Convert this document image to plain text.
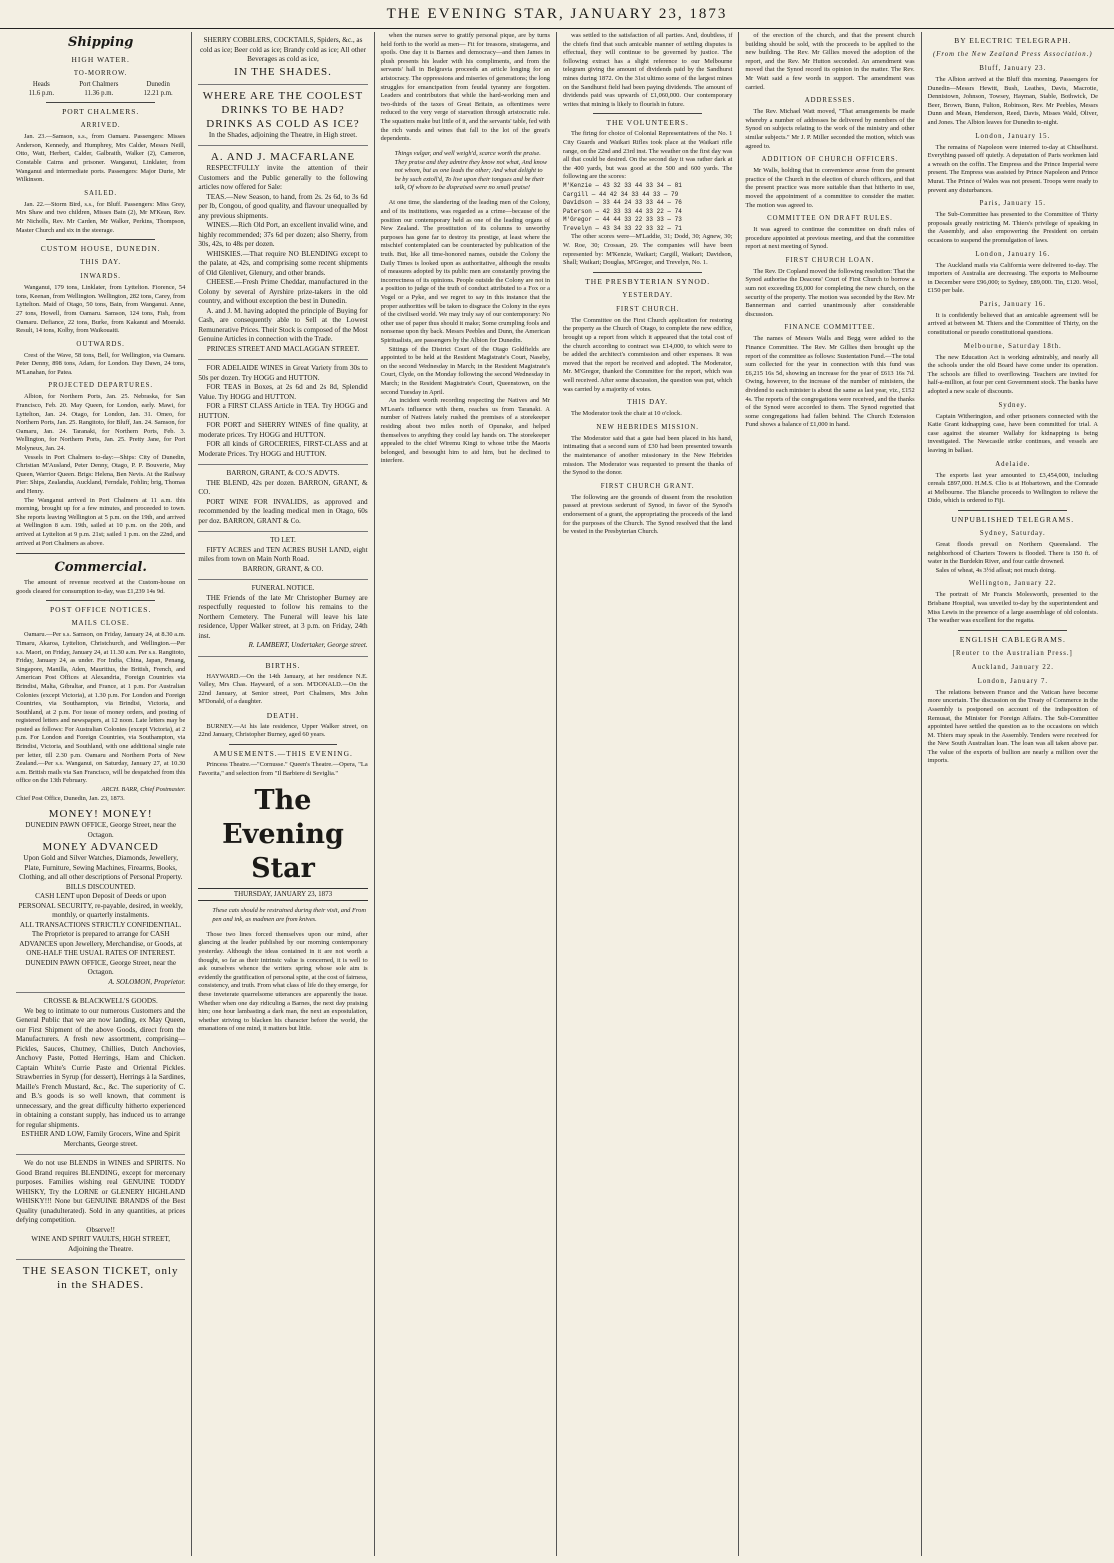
THE EVENING STAR, JANUARY 23, 1873
Shipping
HIGH WATER.
TO-MORROW.
Heads
11.6 p.m.
Port Chalmers
11.36 p.m.
Dunedin
12.21 p.m.
PORT CHALMERS.
ARRIVED.

Jan. 23.—Samson, s.s., from Oamaru. Passengers: Misses Anderson, Kennedy, and Humphrey, Mrs Calder, Messrs Neill, Otto, Watt, Herbert, Calder, Galbraith, Walker (2), Cameron, Constable Cairns and prisoner. Wanganui, Linklater, from Wanganui and intermediate ports. Passengers: Major Durie, Mr Wilkinson.

SAILED.

Jan. 22.—Storm Bird, s.s., for Bluff. Passengers: Miss Grey, Mrs Shaw and two children, Misses Bain (2), Mr M'Kean, Rev. Mr Nicholls, Rev. Mr Carden, Mr Walker, Perkins, Thompson, Master Church and six in the steerage.

CUSTOM HOUSE, DUNEDIN.
THIS DAY.
INWARDS.

Wanganui, 179 tons, Linklater, from Lyttelton. Fiorence, 54 tons, Keenan, from Wellington. Wellington, 282 tons, Carey, from Lyttelton. Maid of Otago, 50 tons, Bain, from Wanganui. Anne, 27 tons, Howell, from Oamaru. Samson, 124 tons, Fish, from Oamaru. Defiance, 22 tons, Burke, from Kakanui and Moeraki. Result, 14 tons, Kolby, from Waikouaiti.

OUTWARDS.

Crest of the Wave, 58 tons, Bell, for Wellington, via Oamaru. Peter Denny, 898 tons, Adam, for London. Day Dawn, 24 tons, M'Lanahan, for Patea.

PROJECTED DEPARTURES.

Albion, for Northern Ports, Jan. 25. Nebraska, for San Francisco, Feb. 20. May Queen, for London, early. Mawi, for Lyttelton, Jan. 24. Otago, for London, Jan. 31. Omeo, for Northern Ports, Jan. 25. Rangitoto, for Bluff, Jan. 24. Samson, for Oamaru, Jan. 24. Taranaki, for Northern Ports, Feb. 3. Wellington, for Northern Ports, Jan. 25. Pretty Jane, for Port Molyneux, Jan. 24.

Vessels in Port Chalmers to-day:—Ships: City of Dunedin, Christian M'Ausland, Peter Denny, Otago, P. P. Bouverie, May Queen, Warrior Queen. Brigs: Helena, Ben Nevis. At the Railway Pier: Ships, Zealandia, Auckland, Ferndale, Fohlin; brig, Thomas and Henry.

The Wanganui arrived in Port Chalmers at 11 a.m. this morning, brought up for a few minutes, and proceeded to town. She reports leaving Wellington at 5 p.m. on the 19th, and arrived at Wellington 8 a.m. 19th, sailed at 10 p.m. on the 20th, and arrived at Lyttelton at 9 p.m. 21st; sailed 1 p.m. on the 22nd, and arrived at Port Chalmers as above.

Commercial.

The amount of revenue received at the Custom-house on goods cleared for consumption to-day, was £1,239 14s 9d.

POST OFFICE NOTICES.
MAILS CLOSE.

Oamaru.—Per s.s. Samson, on Friday, January 24, at 8.30 a.m. Timaru, Akaroa, Lyttelton, Christchurch, and Wellington.—Per s.s. Maori, on Friday, January 24, at 11.30 a.m. Per s.s. Rangitoto, Friday, January 24, as under. For India, China, Japan, Penang, Singapore, Manilla, Aden, Mauritius, the British, French, and American Post Offices at Alexandria, Foreign Countries via Brindisi, Malta, Gibraltar, and France, at 1 p.m. For Australian Colonies (except Victoria), at 1.30 p.m. For London and Foreign Countries, via Southampton, via Brindisi, Victoria, and Southland, at 2 p.m. For issue of money orders, and posting of registered letters and newspapers, at 12 noon. Late letters may be posted as follows: For Australian Colonies (except Victoria), at 2 p.m. For London and Foreign Countries, via Southampton, via Brindisi, Victoria, and Southland, with one additional single rate per letter, till 2.30 p.m. Oamaru and Northern Ports of New Zealand.—Per s.s. Wanganui, on Saturday, January 27, at 10.30 a.m. British mails via San Francisco, will be despatched from this office on the 13th February.

ARCH. BARR, Chief Postmaster.
Chief Post Office, Dunedin, Jan. 23, 1873.
MONEY! MONEY!
DUNEDIN PAWN OFFICE, George Street, near the Octagon.
MONEY ADVANCED
Upon Gold and Silver Watches, Diamonds, Jewellery, Plate, Furniture, Sewing Machines, Firearms, Books, Clothing, and all other descriptions of Personal Property.
BILLS DISCOUNTED.
CASH LENT upon Deposit of Deeds or upon PERSONAL SECURITY, re-payable, desired, in weekly, monthly, or quarterly instalments.
ALL TRANSACTIONS STRICTLY CONFIDENTIAL.
The Proprietor is prepared to arrange for CASH ADVANCES upon Jewellery, Merchandise, or Goods, at ONE-HALF THE USUAL RATES OF INTEREST.
DUNEDIN PAWN OFFICE, George Street, near the Octagon.
A. SOLOMON, Proprietor.
CROSSE & BLACKWELL'S GOODS.

We beg to intimate to our numerous Customers and the General Public that we are now landing, ex May Queen, our First Shipment of the above Goods, direct from the Manufacturers. A fresh new assortment, comprising—Pickles, Sauces, Chutney, Chillies, Dutch Anchovies, Anchovy Paste, Potted Herrings, Ham and Chicken. Captain White's Currie Paste and Oriental Pickles. Strawberries in Syrup (for dessert), Herrings à la Sardines, Maille's French Mustard, &c., &c. The superiority of C. and B.'s goods is so well known, that comment is unnecessary, and the great difficulty hitherto experienced in obtaining a constant supply, has induced us to arrange for regular shipments.

ESTHER AND LOW, Family Grocers, Wine and Spirit Merchants, George street.

We do not use BLENDS in WINES and SPIRITS. No Good Brand requires BLENDING, except for mercenary purposes. Families wishing real GENUINE TODDY WHISKY, Try the LORNE or GLENERY HIGHLAND WHISKY!!! None but GENUINE BRANDS of the Best Quality (unadulterated). Sold in any quantities, at prices defying competition.

Observe!!
WINE AND SPIRIT VAULTS, HIGH STREET,
Adjoining the Theatre.
THE SEASON TICKET, only in the SHADES.
SHERRY COBBLERS, COCKTAILS, Spiders, &c., as cold as ice; Beer cold as ice; Brandy cold as ice; All other Beverages as cold as ice,
IN THE SHADES.
WHERE ARE THE COOLEST DRINKS TO BE HAD?
DRINKS AS COLD AS ICE?
In the Shades, adjoining the Theatre, in High street.
A. AND J. MACFARLANE

RESPECTFULLY invite the attention of their Customers and the Public generally to the following articles now offered for Sale:

TEAS.—New Season, to hand, from 2s. 2s 6d, to 3s 6d per lb, Congou, of good quality, and flavour unequalled by any previous shipments.

WINES.—Rich Old Port, an excellent invalid wine, and highly recommended; 37s 6d per dozen; also Sherry, from 30s, 42s, to 48s per dozen.

WHISKIES.—That require NO BLENDING except to the palate, at 42s, and comprising some recent shipments of Old Glenlivet, Glenury, and other brands.

CHEESE.—Fresh Prime Cheddar, manufactured in the Colony by several of Ayrshire prize-takers in the old country, and without exception the best in Dunedin.

A. and J. M. having adopted the principle of Buying for Cash, are consequently able to Sell at the Lowest Remunerative Prices. Their Stock is composed of the Most Genuine Articles in connection with the Trade.

PRINCES STREET AND MACLAGGAN STREET.

FOR ADELAIDE WINES in Great Variety from 30s to 50s per dozen. Try HOGG and HUTTON.

FOR TEAS in Boxes, at 2s 6d and 2s 8d, Splendid Value. Try HOGG and HUTTON.

FOR a FIRST CLASS Article in TEA. Try HOGG and HUTTON.

FOR PORT and SHERRY WINES of fine quality, at moderate prices. Try HOGG and HUTTON.

FOR all kinds of GROCERIES, FIRST-CLASS and at Moderate Prices. Try HOGG and HUTTON.

BARRON, GRANT, & CO.'S ADVTS.

THE BLEND, 42s per dozen. BARRON, GRANT, & CO.

PORT WINE FOR INVALIDS, as approved and recommended by the leading medical men in Otago, 60s per doz. BARRON, GRANT & Co.

TO LET.

FIFTY ACRES and TEN ACRES BUSH LAND, eight miles from town on Main North Road.

BARRON, GRANT, & CO.
FUNERAL NOTICE.

THE Friends of the late Mr Christopher Burney are respectfully requested to follow his remains to the Northern Cemetery. The Funeral will leave his late residence, Upper Walker street, at 3 p.m. on Friday, 24th inst.

R. LAMBERT, Undertaker, George street.
BIRTHS.

HAYWARD.—On the 14th January, at her residence N.E. Valley, Mrs Chas. Hayward, of a son. M'DONALD.—On the 22nd January, at Senior street, Port Chalmers, Mrs John M'Donald, of a daughter.

DEATH.

BURNEY.—At his late residence, Upper Walker street, on 22nd January, Christopher Burney, aged 60 years.

AMUSEMENTS.—THIS EVENING.

Princess Theatre.—"Cornusse." Queen's Theatre.—Opera, "La Favorita," and selection from "Il Barbiere di Seviglia."

The Evening Star
THURSDAY, JANUARY 23, 1873

These cats should be restrained during their visit, and From pen and ink, as madmen are from knives.

Those two lines forced themselves upon our mind, after glancing at the leader published by our morning contemporary yesterday. Although the ideas contained in it are not worth a thought, so far as their intrinsic value is concerned, it is well to ask ourselves whence the writers spring whose sole aim is evidently the gratification of personal spite, at the cost of fairness, consistency, and truth. From what class of life do they emerge, for these inveterate quarrelsome utterances are apparently the issue. Whether when one day ridiculing a Barnes, the next day praising him; one hour lambasting a dark man, the next an expostulation, whether striving to blacken his character before the world, the emanations of one mind, it matters but little.

when the nurses serve to gratify personal pique, are by turns held forth to the world as men— Fit for treasons, stratagems, and spoils. One day it is Barnes and democracy—and then James in plush presents his leader with his compliments, and from the servants' hall in Belgravia proceeds an article longing for an aristocracy. The oppressions and miseries of generations; the long struggles for emancipation from feudal tyranny are forgotten. Leaders and contributors that while the hard-working men and two-thirds of the taxes of Great Britain, as oftentimes were reduced to the very verge of starvation through aristocratic rule. The squatters make but little of it, and the servants' table, fed with the rich vands and wines that fall to the lot of the great's dependents.

Things vulgar, and well weigh'd, scarce worth the praise. They praise and they admire they know not what, And know not whom, but as one leads the other; And what delight to be by such extoll'd, To live upon their tongues and be their talk, Of whom to be dispraised were no small praise!

At one time, the slandering of the leading men of the Colony, and of its institutions, was regarded as a crime—because of the position our contemporary held as one of the leading organs of New Zealand. The prostitution of its columns to unworthy purposes has gone far to destroy its prestige, at least where the mischief contemplated can be counteracted by publication of the truth. But, like all time-honored names, outside the Colony the Daily Times is looked upon as authoritative, although the results of measures adopted by its public men are constantly proving the incorrectness of its opinions. People outside the Colony are not in a position to judge of the truth of conduct attributed to a Fox or a Vogel or a Pyke, and we regret to say in this instance that the proper authorities will be taken to disgrace the Colony in the eyes of the civilised world. We may truly say of our contemporary: No other use of paper thus should it make; Some crumpling fools and nonsense upon thy back. Messrs Peebles and Dunn, the American Spiritualists, are passengers by the Albion for Dunedin.

Sittings of the District Court of the Otago Goldfields are appointed to be held at the Resident Magistrate's Court, Naseby, on the second Wednesday in March; in the Resident Magistrate's Court, Clyde, on the Monday following the second Wednesday in March; in the Resident Magistrate's Court, Queenstown, on the second Tuesday in April.

An incident worth recording respecting the Natives and Mr M'Lean's influence with them, reaches us from Taranaki. A number of Natives lately rushed the premises of a storekeeper residing about two miles north of Opunake, and helped themselves to anything they could lay hands on. The storekeeper appealed to the chief Wiremu Kingi to whose tribe the Maoris belonged, and besought him to aid him, but he declined to interfere.

was settled to the satisfaction of all parties. And, doubtless, if the chiefs find that such amicable manner of settling disputes is effectual, they will continue to be governed by justice. The following extract has a slight reference to our Melbourne telegram giving the amount of dividends paid by the Sandhurst mines during 1872. On the 31st ultimo some of the largest mines on the Sandhurst field had been paying dividends. The amount of dividends paid was upwards of £1,060,000. Our contemporary writes that mining is likely to flourish in future.

THE VOLUNTEERS.

The firing for choice of Colonial Representatives of the No. 1 City Guards and Waikari Rifles took place at the Waikari rifle range, on the 22nd and 23rd inst. The weather on the first day was all that could be desired. On the second day it was rather dark at the 400 yards, but was good at the 500 and 600 yards. The following are the scores:

M'Kenzie — 43 32 33 44 33 34 — 81
Cargill — 44 42 34 33 44 33 — 79
Davidson — 33 44 24 33 33 44 — 76
Paterson — 42 33 33 44 33 22 — 74
M'Gregor — 44 44 33 22 33 33 — 73
Trevelyn — 43 34 33 22 33 32 — 71

The other scores were—M'Laddie, 31; Dodd, 30; Agnew, 30; W. Roe, 30; Crossan, 29. The companies will have been represented by: M'Kenzie, Waikari; Cargill, Waikari; Davidson, Shall; Waikari; Douglas, M'Gregor, and Trevelyn, No. 1.

THE PRESBYTERIAN SYNOD.
YESTERDAY.
FIRST CHURCH.

The Committee on the First Church application for restoring the property as the Church of Otago, to complete the new edifice, brought up a report from which it appeared that the total cost of the church according to contract was £14,000, to which were to be added the architect's commission and other expenses. It was moved that the report be received and adopted. The Moderator, Mr. M'Gregor, thanked the Committee for the report, which was well received. After some discussion, the question was put, which was carried by a majority of votes.

THIS DAY.

The Moderator took the chair at 10 o'clock.

NEW HEBRIDES MISSION.

The Moderator said that a gate had been placed in his hand, intimating that a second sum of £30 had been presented towards the maintenance of another missionary in the New Hebrides mission. The Moderator was requested to present the thanks of the Synod to the donor.

FIRST CHURCH GRANT.

The following are the grounds of dissent from the resolution passed at previous sederunt of Synod, in favor of the Synod's endorsement of a grant, the appropriating the proceeds of the land for the purposes of the Church. The Synod resolved that the land be vested in the Presbyterian Church.

of the erection of the church, and that the present church building should be sold, with the proceeds to be applied to the new building. The Rev. Mr Gillies moved the adoption of the report, and the Rev. Mr Hutton seconded. An amendment was moved that the Synod record its opinion in the matter. The Rev. Mr Watt said a few words in support. The amendment was carried.

ADDRESSES.

The Rev. Michael Watt moved, "That arrangements be made whereby a number of addresses be delivered by members of the Synod on subjects relating to the work of the ministry and other similar subjects." Mr J. P. Miller seconded the motion, which was agreed to.

ADDITION OF CHURCH OFFICERS.

Mr Walls, holding that in convenience arose from the present practice of the Church in the election of church officers, and that the present practice was more suitable than that hitherto in use, moved the appointment of a committee to consider the matter. The motion was agreed to.

COMMITTEE ON DRAFT RULES.

It was agreed to continue the committee on draft rules of procedure appointed at previous meeting, and that the committee report at next meeting of Synod.

FIRST CHURCH LOAN.

The Rev. Dr Copland moved the following resolution: That the Synod authorise the Deacons' Court of First Church to borrow a sum not exceeding £6,000 for completing the new church, on the security of the property. The motion was seconded by the Rev. Mr Bannerman and carried unanimously after considerable discussion.

FINANCE COMMITTEE.

The names of Messrs Walls and Begg were added to the Finance Committee. The Rev. Mr Gillies then brought up the report of the committee as follows: Sustentation Fund.—The total sum collected for the year in connection with this fund was £6,215 16s 5d, showing an increase for the year of £613 16s 7d. Owing, however, to the increase of the number of ministers, the dividend to each minister is about the same as last year, viz., £152 4s. The reports of the congregations were received, and the thanks of the Synod were accorded to them. The Synod regretted that some congregations had fallen behind. The Church Extension Fund shows a balance of £1,000 in hand.

BY ELECTRIC TELEGRAPH.
(From the New Zealand Press Association.)
Bluff, January 23.

The Albion arrived at the Bluff this morning. Passengers for Dunedin—Messrs Hewitt, Bush, Leathes, Davis, Macrotie, Dennistown, Johnson, Towsey, Hayman, Stable, Bothwick, De Beer, Brown, Bunn, Fulton, Robinson, Rev. Mr Peebles, Messrs Dunn and Mean, Henderson, Reed, Davis, Misses Wald, Oliver, and Jones. The Albion leaves for Dunedin to-night.

London, January 15.

The remains of Napoleon were interred to-day at Chiselhurst. Everything passed off quietly. A deputation of Paris workmen laid a wreath on the coffin. The Empress and the Prince Imperial were present. The Empress was assisted by Prince Napoleon and Prince Murat. The Prince of Wales was not present. Troops were ready to prevent any disturbances.

Paris, January 15.

The Sub-Committee has presented to the Committee of Thirty proposals greatly restricting M. Thiers's privilege of speaking in the Assembly, and also empowering the President on certain occasions to suspend the promulgation of laws.

London, January 16.

The Auckland mails via California were delivered to-day. The importers of Australia are decreasing. The exports to Melbourne in December were £96,000; to Sydney, £89,000. Tin, £120. Wool, £150 per bale.

Paris, January 16.

It is confidently believed that an amicable agreement will be arrived at between M. Thiers and the Committee of Thirty, on the constitutional or pseudo constitutional questions.

Melbourne, Saturday 18th.

The new Education Act is working admirably, and nearly all the schools under the old Board have come under its operation. The schools are filled to overflowing. Teachers are invited for half-a-million, at four per cent Government stock. The banks have adopted a new scale of discounts.

Sydney.

Captain Witherington, and other prisoners connected with the Katie Grant kidnapping case, have been committed for trial. A case against the steamer Wallaby for kidnapping is being investigated. The Newcastle strike continues, and vessels are leaving in ballast.

Adelaide.

The exports last year amounted to £3,454,000, including cereals £897,000. H.M.S. Clio is at Hobartown, and the Comrade at Melbourne. The Blanche proceeds to Wellington to relieve the Dido, which is ordered to Fiji.

UNPUBLISHED TELEGRAMS.
Sydney, Saturday.

Great floods prevail on Northern Queensland. The neighborhood of Charters Towers is flooded. There is 150 ft. of water in the Burdekin River, and four cattle drowned.

Sales of wheat, 4s 3½d afloat; not much doing.

Wellington, January 22.

The portrait of Mr Francis Molesworth, presented to the Brisbane Hospital, was unveiled to-day by the superintendent and Miss Lewis in the presence of a large assemblage of old colonists. The weather was excellent for the regatta.

ENGLISH CABLEGRAMS.
[Reuter to the Australian Press.]
Auckland, January 22.
London, January 7.

The relations between France and the Vatican have become more uncertain. The discussion on the Treaty of Commerce in the Assembly is postponed on account of the indisposition of Remusat, the Minister for Foreign Affairs. The Sub-Committee appointed have settled the question as to the occasions on which M. Thiers may speak in the Assembly. Tenders were received for the New South Australian loan. The loan was all taken above par. The value of the exports of bullion are nearly a million over the imports.
